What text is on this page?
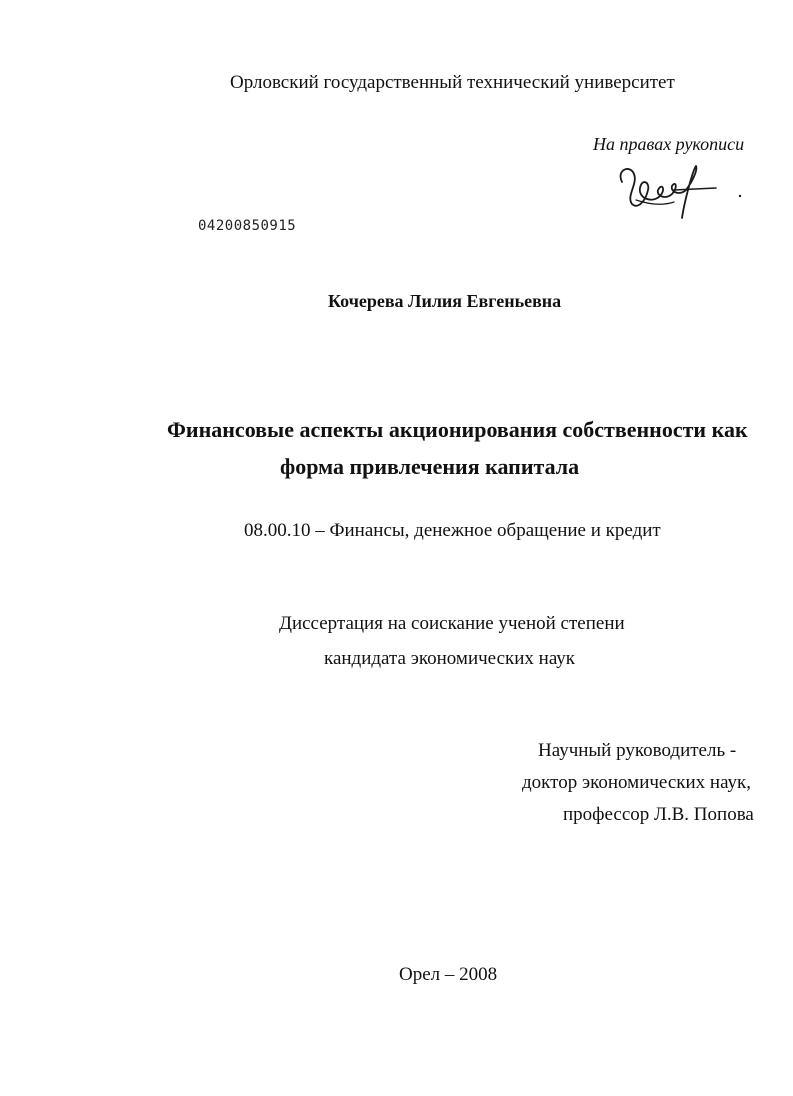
Орловский государственный технический университет
На правах рукописи
04200850915
Кочерева Лилия Евгеньевна
Финансовые аспекты акционирования собственности как
форма привлечения капитала
08.00.10 – Финансы, денежное обращение и кредит
Диссертация на соискание ученой степени
кандидата экономических наук
Научный руководитель -
доктор экономических наук,
профессор Л.В. Попова
Орел – 2008
